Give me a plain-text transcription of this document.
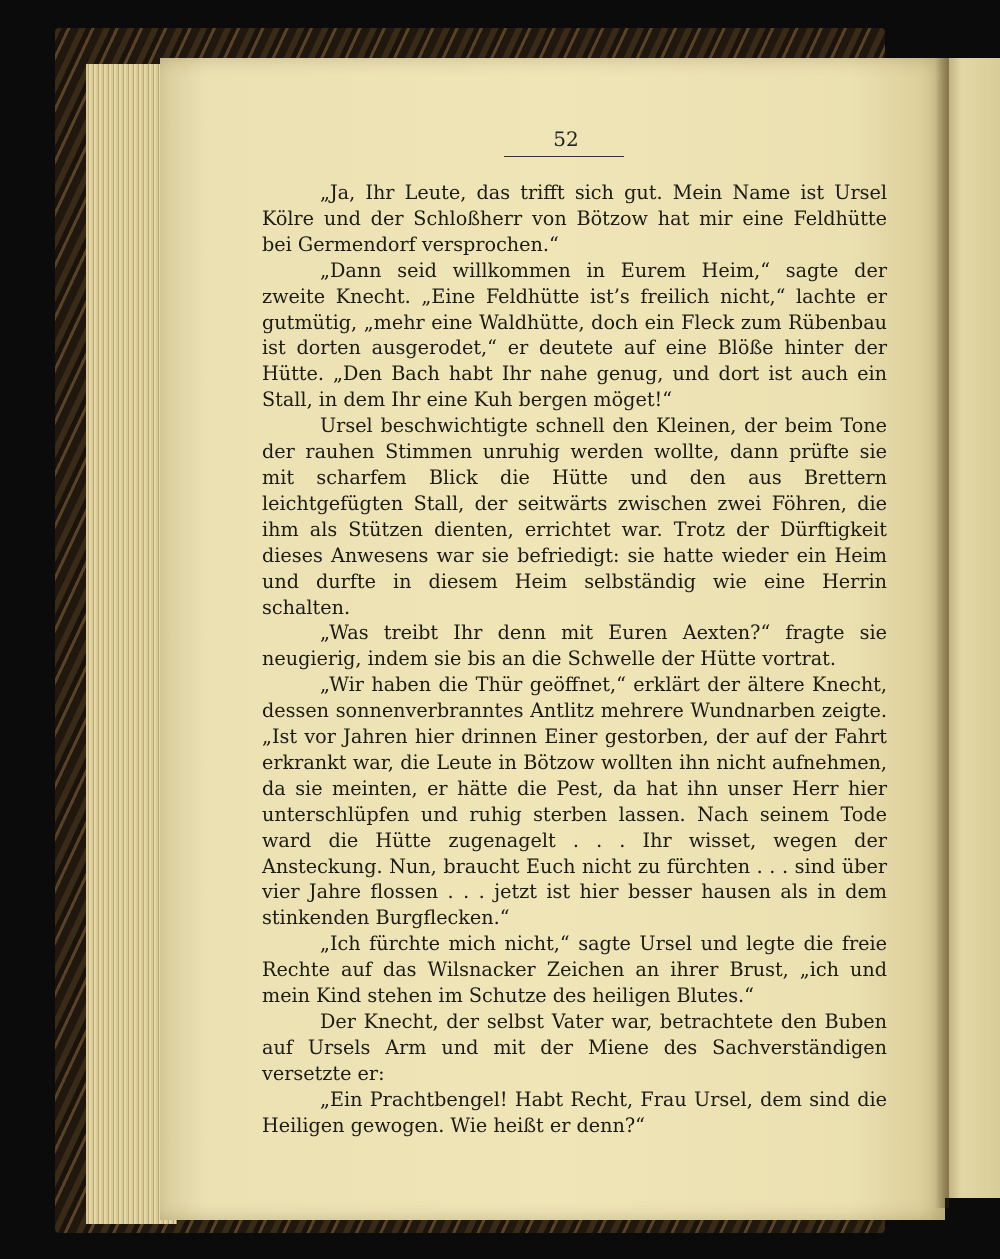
52

„Ja, Ihr Leute, das trifft sich gut. Mein Name ist Ursel Kölre und der Schloßherr von Bötzow hat mir eine Feldhütte bei Germendorf versprochen.“

„Dann seid willkommen in Eurem Heim,“ sagte der zweite Knecht. „Eine Feldhütte ist’s freilich nicht,“ lachte er gutmütig, „mehr eine Waldhütte, doch ein Fleck zum Rübenbau ist dorten ausgerodet,“ er deutete auf eine Blöße hinter der Hütte. „Den Bach habt Ihr nahe genug, und dort ist auch ein Stall, in dem Ihr eine Kuh bergen möget!“

Ursel beschwichtigte schnell den Kleinen, der beim Tone der rauhen Stimmen unruhig werden wollte, dann prüfte sie mit scharfem Blick die Hütte und den aus Brettern leichtgefügten Stall, der seitwärts zwischen zwei Föhren, die ihm als Stützen dienten, errichtet war. Trotz der Dürftigkeit dieses Anwesens war sie befriedigt: sie hatte wieder ein Heim und durfte in diesem Heim selbständig wie eine Herrin schalten.

„Was treibt Ihr denn mit Euren Aexten?“ fragte sie neugierig, indem sie bis an die Schwelle der Hütte vortrat.

„Wir haben die Thür geöffnet,“ erklärt der ältere Knecht, dessen sonnenverbranntes Antlitz mehrere Wundnarben zeigte. „Ist vor Jahren hier drinnen Einer gestorben, der auf der Fahrt erkrankt war, die Leute in Bötzow wollten ihn nicht aufnehmen, da sie meinten, er hätte die Pest, da hat ihn unser Herr hier unterschlüpfen und ruhig sterben lassen. Nach seinem Tode ward die Hütte zugenagelt . . . Ihr wisset, wegen der Ansteckung. Nun, braucht Euch nicht zu fürchten . . . sind über vier Jahre flossen . . . jetzt ist hier besser hausen als in dem stinkenden Burgflecken.“

„Ich fürchte mich nicht,“ sagte Ursel und legte die freie Rechte auf das Wilsnacker Zeichen an ihrer Brust, „ich und mein Kind stehen im Schutze des heiligen Blutes.“

Der Knecht, der selbst Vater war, betrachtete den Buben auf Ursels Arm und mit der Miene des Sachverständigen versetzte er:

„Ein Prachtbengel! Habt Recht, Frau Ursel, dem sind die Heiligen gewogen. Wie heißt er denn?“
